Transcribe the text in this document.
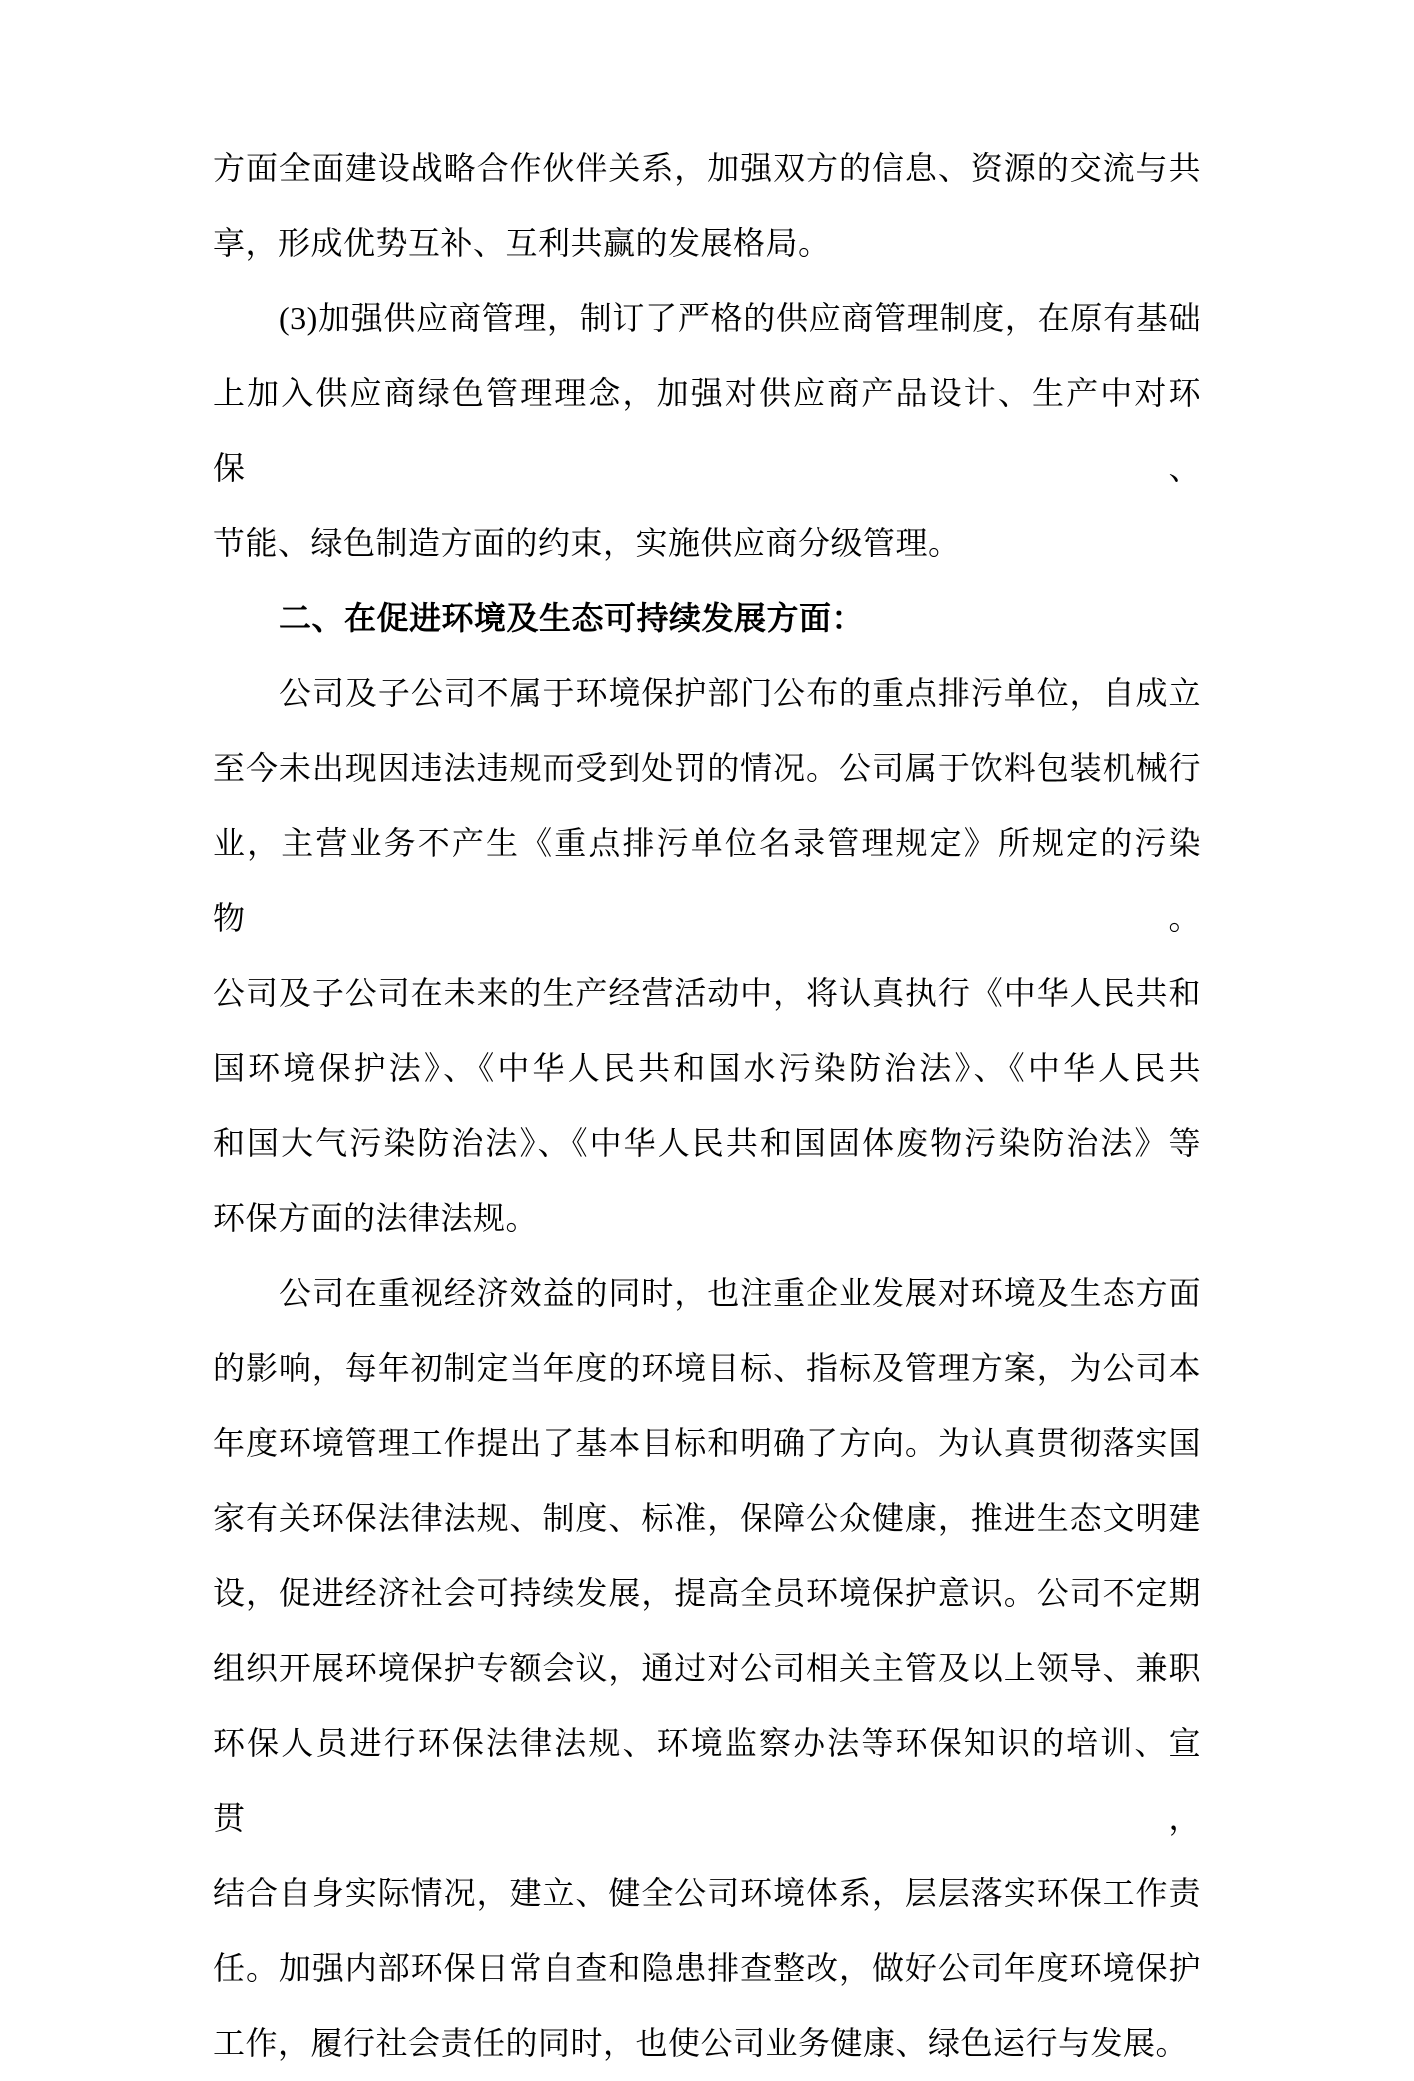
方面全面建设战略合作伙伴关系，加强双方的信息、资源的交流与共
享，形成优势互补、互利共赢的发展格局。
(3)加强供应商管理，制订了严格的供应商管理制度，在原有基础
上加入供应商绿色管理理念，加强对供应商产品设计、生产中对环保、
节能、绿色制造方面的约束，实施供应商分级管理。
二、在促进环境及生态可持续发展方面：
公司及子公司不属于环境保护部门公布的重点排污单位，自成立
至今未出现因违法违规而受到处罚的情况。公司属于饮料包装机械行
业，主营业务不产生《重点排污单位名录管理规定》所规定的污染物。
公司及子公司在未来的生产经营活动中，将认真执行《中华人民共和
国环境保护法》、《中华人民共和国水污染防治法》、《中华人民共
和国大气污染防治法》、《中华人民共和国固体废物污染防治法》等
环保方面的法律法规。
公司在重视经济效益的同时，也注重企业发展对环境及生态方面
的影响，每年初制定当年度的环境目标、指标及管理方案，为公司本
年度环境管理工作提出了基本目标和明确了方向。为认真贯彻落实国
家有关环保法律法规、制度、标准，保障公众健康，推进生态文明建
设，促进经济社会可持续发展，提高全员环境保护意识。公司不定期
组织开展环境保护专额会议，通过对公司相关主管及以上领导、兼职
环保人员进行环保法律法规、环境监察办法等环保知识的培训、宣贯，
结合自身实际情况，建立、健全公司环境体系，层层落实环保工作责
任。加强内部环保日常自查和隐患排查整改，做好公司年度环境保护
工作，履行社会责任的同时，也使公司业务健康、绿色运行与发展。
